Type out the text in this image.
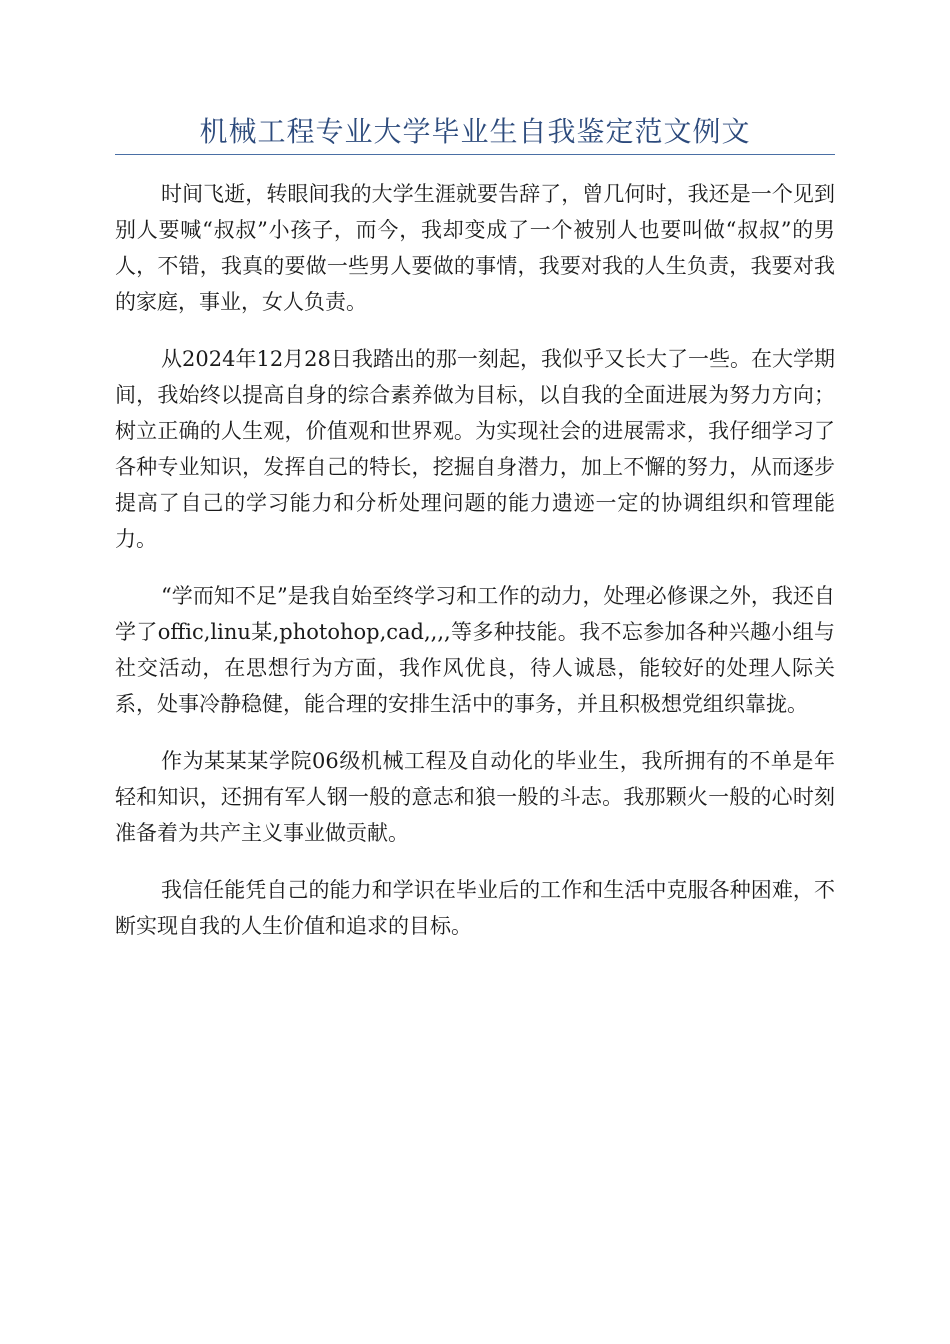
机械工程专业大学毕业生自我鉴定范文例文

时间飞逝，转眼间我的大学生涯就要告辞了，曾几何时，我还是一个见到别人要喊“叔叔”小孩子，而今，我却变成了一个被别人也要叫做“叔叔”的男人，不错，我真的要做一些男人要做的事情，我要对我的人生负责，我要对我的家庭，事业，女人负责。

从2024年12月28日我踏出的那一刻起，我似乎又长大了一些。在大学期间，我始终以提高自身的综合素养做为目标，以自我的全面进展为努力方向；树立正确的人生观，价值观和世界观。为实现社会的进展需求，我仔细学习了各种专业知识，发挥自己的特长，挖掘自身潜力，加上不懈的努力，从而逐步提高了自己的学习能力和分析处理问题的能力遗迹一定的协调组织和管理能力。

“学而知不足”是我自始至终学习和工作的动力，处理必修课之外，我还自学了offic,linu某,photohop,cad,,,,等多种技能。我不忘参加各种兴趣小组与社交活动，在思想行为方面，我作风优良，待人诚恳，能较好的处理人际关系，处事冷静稳健，能合理的安排生活中的事务，并且积极想党组织靠拢。

作为某某某学院06级机械工程及自动化的毕业生，我所拥有的不单是年轻和知识，还拥有军人钢一般的意志和狼一般的斗志。我那颗火一般的心时刻准备着为共产主义事业做贡献。

我信任能凭自己的能力和学识在毕业后的工作和生活中克服各种困难，不断实现自我的人生价值和追求的目标。
